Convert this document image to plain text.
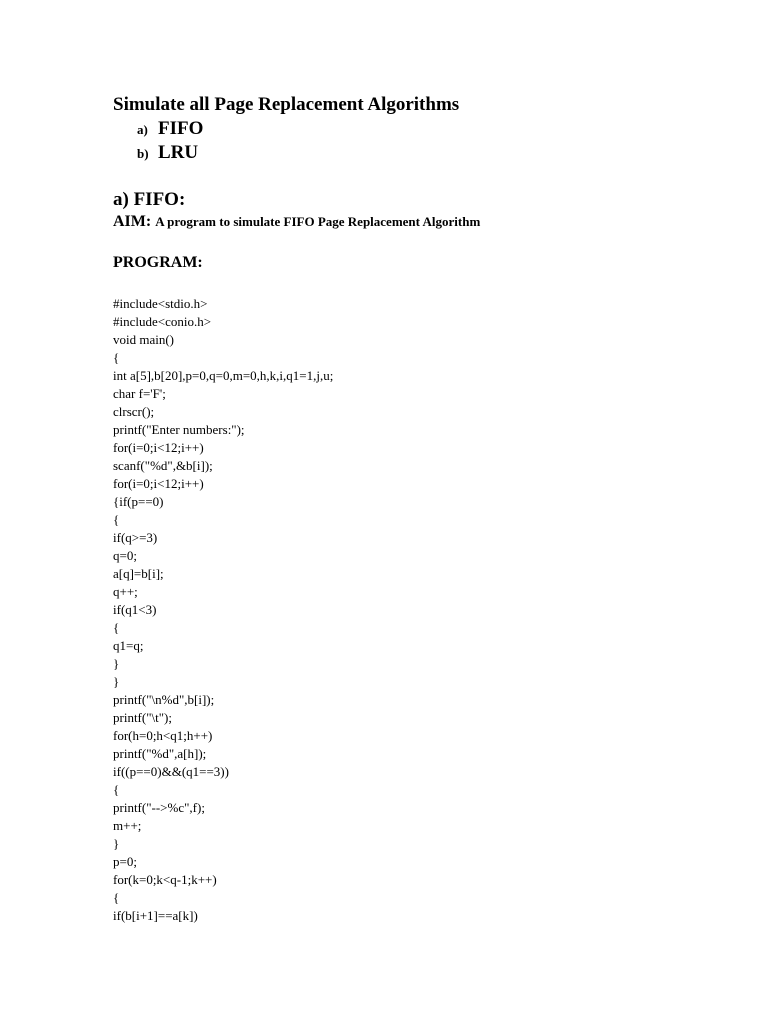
Simulate all Page Replacement Algorithms
a) FIFO
b) LRU
a) FIFO:
AIM: A program to simulate FIFO Page Replacement Algorithm
PROGRAM:
#include<stdio.h>
#include<conio.h>
void main()
{
int a[5],b[20],p=0,q=0,m=0,h,k,i,q1=1,j,u;
char f='F';
clrscr();
printf("Enter numbers:");
for(i=0;i<12;i++)
scanf("%d",&b[i]);
for(i=0;i<12;i++)
{if(p==0)
{
if(q>=3)
q=0;
a[q]=b[i];
q++;
if(q1<3)
{
q1=q;
}
}
printf("\n%d",b[i]);
printf("\t");
for(h=0;h<q1;h++)
printf("%d",a[h]);
if((p==0)&&(q1==3))
{
printf("-->%c",f);
m++;
}
p=0;
for(k=0;k<q-1;k++)
{
if(b[i+1]==a[k])
